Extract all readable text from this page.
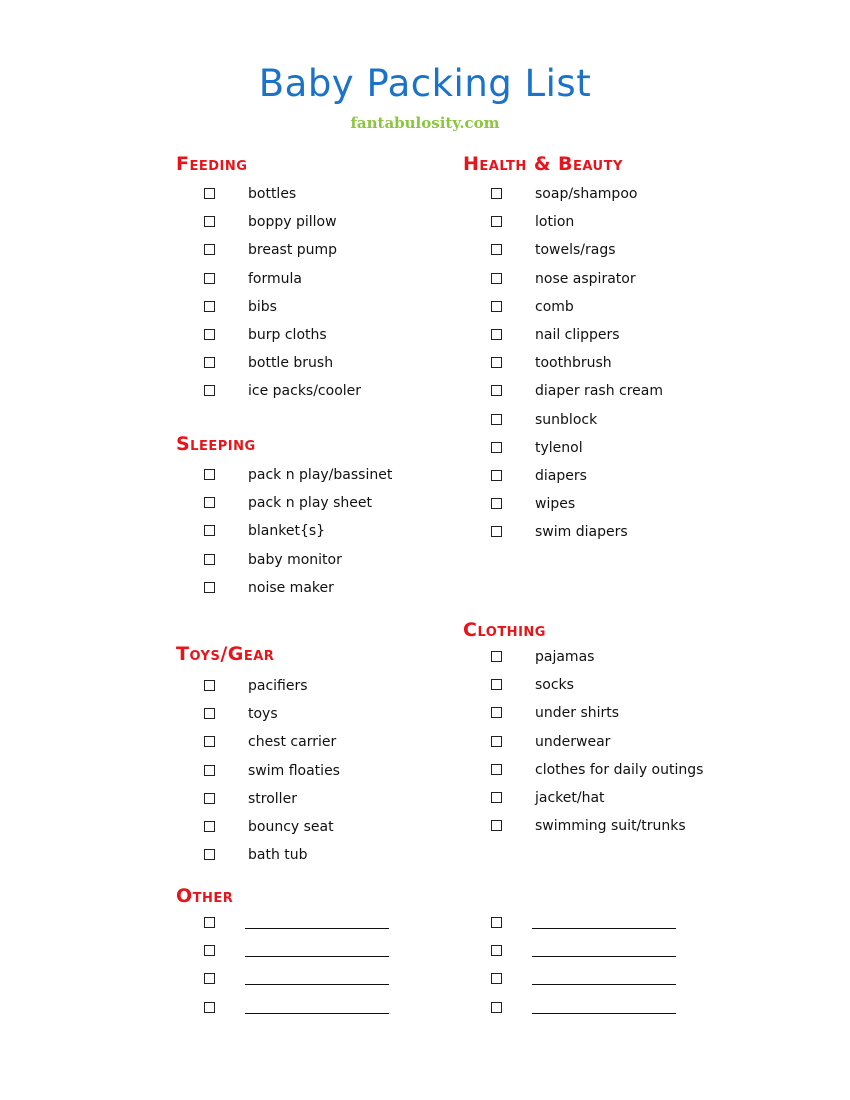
Baby Packing List
fantabulosity.com
Feeding
bottles
boppy pillow
breast pump
formula
bibs
burp cloths
bottle brush
ice packs/cooler
Sleeping
pack n play/bassinet
pack n play sheet
blanket{s}
baby monitor
noise maker
Toys/Gear
pacifiers
toys
chest carrier
swim floaties
stroller
bouncy seat
bath tub
Other
Health & Beauty
soap/shampoo
lotion
towels/rags
nose aspirator
comb
nail clippers
toothbrush
diaper rash cream
sunblock
tylenol
diapers
wipes
swim diapers
Clothing
pajamas
socks
under shirts
underwear
clothes for daily outings
jacket/hat
swimming suit/trunks
